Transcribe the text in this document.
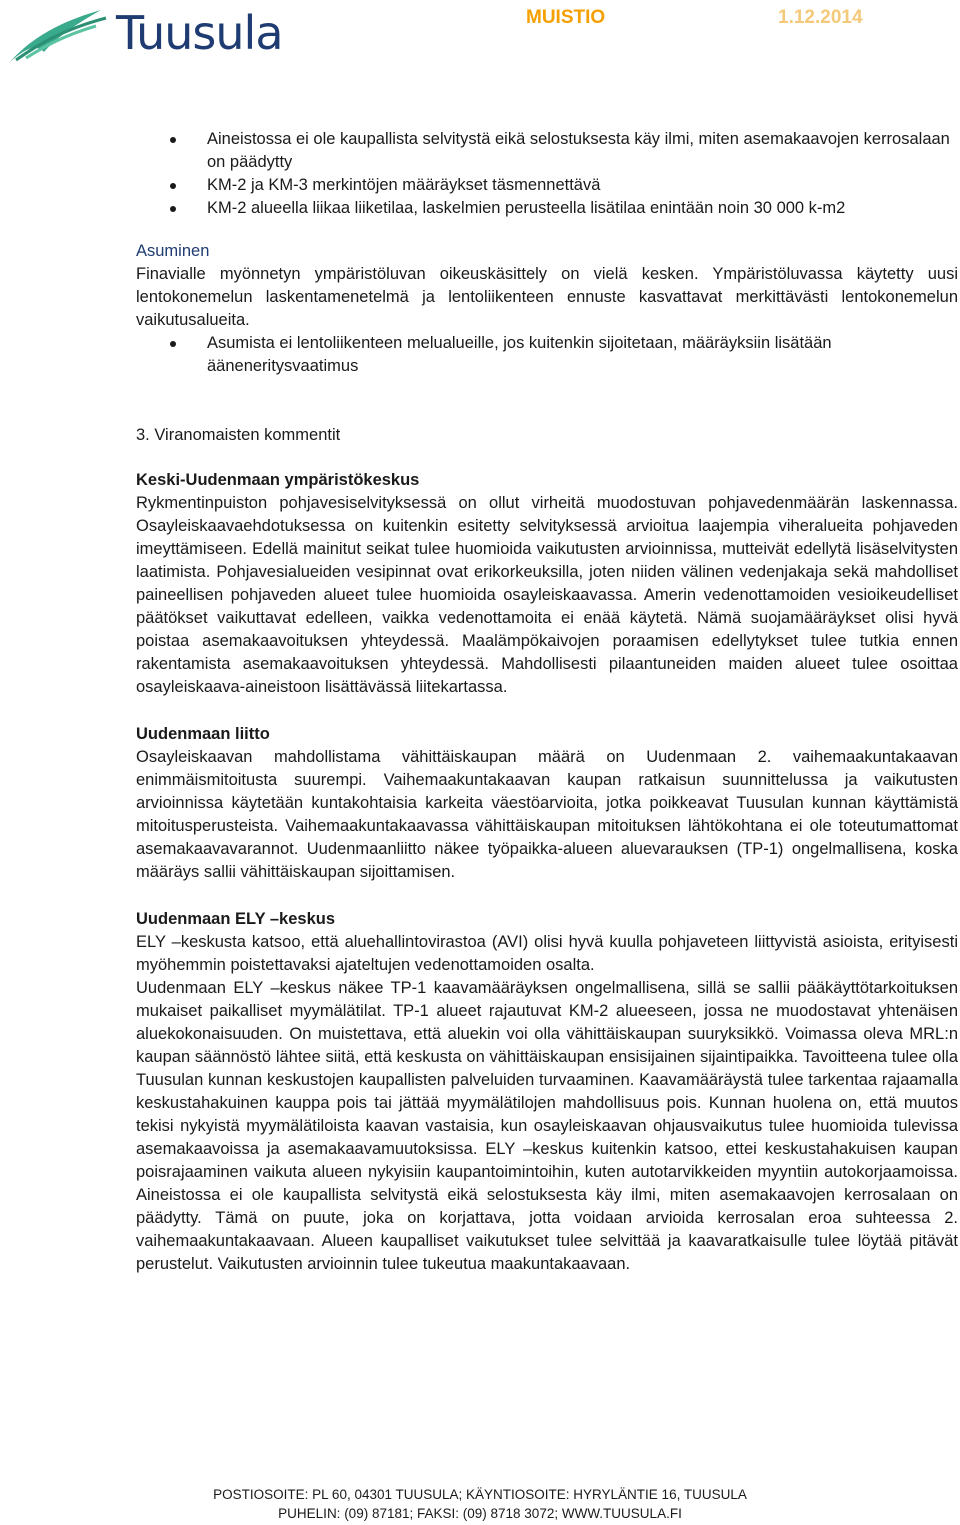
Tuusula	MUISTIO	1.12.2014
Aineistossa ei ole kaupallista selvitystä eikä selostuksesta käy ilmi, miten asemakaavojen kerrosalaan on päädytty
KM-2 ja KM-3 merkintöjen määräykset täsmennettävä
KM-2 alueella liikaa liiketilaa, laskelmien perusteella lisätilaa enintään noin 30 000 k-m2
Asuminen

Finavialle myönnetyn ympäristöluvan oikeuskäsittely on vielä kesken. Ympäristöluvassa käytetty uusi lentokonemelun laskentamenetelmä ja lentoliikenteen ennuste kasvattavat merkittävästi lentokonemelun vaikutusalueita.

Asumista ei lentoliikenteen melualueille, jos kuitenkin sijoitetaan, määräyksiin lisätään ääneneritysvaatimus
3. Viranomaisten kommentit
Keski-Uudenmaan ympäristökeskus

Rykmentinpuiston pohjavesiselvityksessä on ollut virheitä muodostuvan pohjavedenmäärän laskennassa. Osayleiskaavaehdotuksessa on kuitenkin esitetty selvityksessä arvioitua laajempia viheralueita pohjaveden imeyttämiseen. Edellä mainitut seikat tulee huomioida vaikutusten arvioinnissa, mutteivät edellytä lisäselvitysten laatimista. Pohjavesialueiden vesipinnat ovat erikorkeuksilla, joten niiden välinen vedenjakaja sekä mahdolliset paineellisen pohjaveden alueet tulee huomioida osayleiskaavassa. Amerin vedenottamoiden vesioikeudelliset päätökset vaikuttavat edelleen, vaikka vedenottamoita ei enää käytetä. Nämä suojamääräykset olisi hyvä poistaa asemakaavoituksen yhteydessä. Maalämpökaivojen poraamisen edellytykset tulee tutkia ennen rakentamista asemakaavoituksen yhteydessä. Mahdollisesti pilaantuneiden maiden alueet tulee osoittaa osayleiskaava-aineistoon lisättävässä liitekartassa.

Uudenmaan liitto

Osayleiskaavan mahdollistama vähittäiskaupan määrä on Uudenmaan 2. vaihemaakuntakaavan enimmäismitoitusta suurempi. Vaihemaakuntakaavan kaupan ratkaisun suunnittelussa ja vaikutusten arvioinnissa käytetään kuntakohtaisia karkeita väestöarvioita, jotka poikkeavat Tuusulan kunnan käyttämistä mitoitusperusteista. Vaihemaakuntakaavassa vähittäiskaupan mitoituksen lähtökohtana ei ole toteutumattomat asemakaavavarannot. Uudenmaanliitto näkee työpaikka-alueen aluevarauksen (TP-1) ongelmallisena, koska määräys sallii vähittäiskaupan sijoittamisen.

Uudenmaan ELY –keskus

ELY –keskusta katsoo, että aluehallintovirastoa (AVI) olisi hyvä kuulla pohjaveteen liittyvistä asioista, erityisesti myöhemmin poistettavaksi ajateltujen vedenottamoiden osalta.

Uudenmaan ELY –keskus näkee TP-1 kaavamääräyksen ongelmallisena, sillä se sallii pääkäyttötarkoituksen mukaiset paikalliset myymälätilat. TP-1 alueet rajautuvat KM-2 alueeseen, jossa ne muodostavat yhtenäisen aluekokonaisuuden. On muistettava, että aluekin voi olla vähittäiskaupan suuryksikkö. Voimassa oleva MRL:n kaupan säännöstö lähtee siitä, että keskusta on vähittäiskaupan ensisijainen sijaintipaikka. Tavoitteena tulee olla Tuusulan kunnan keskustojen kaupallisten palveluiden turvaaminen. Kaavamääräystä tulee tarkentaa rajaamalla keskustahakuinen kauppa pois tai jättää myymälätilojen mahdollisuus pois. Kunnan huolena on, että muutos tekisi nykyistä myymälätiloista kaavan vastaisia, kun osayleiskaavan ohjausvaikutus tulee huomioida tulevissa asemakaavoissa ja asemakaavamuutoksissa. ELY –keskus kuitenkin katsoo, ettei keskustahakuisen kaupan poisrajaaminen vaikuta alueen nykyisiin kaupantoimintoihin, kuten autotarvikkeiden myyntiin autokorjaamoissa. Aineistossa ei ole kaupallista selvitystä eikä selostuksesta käy ilmi, miten asemakaavojen kerrosalaan on päädytty. Tämä on puute, joka on korjattava, jotta voidaan arvioida kerrosalan eroa suhteessa 2. vaihemaakuntakaavaan. Alueen kaupalliset vaikutukset tulee selvittää ja kaavaratkaisulle tulee löytää pitävät perustelut. Vaikutusten arvioinnin tulee tukeutua maakuntakaavaan.

POSTIOSOITE: PL 60, 04301 TUUSULA; KÄYNTIOSOITE: HYRYLÄNTIE 16, TUUSULA
PUHELIN: (09) 87181; FAKSI: (09) 8718 3072; WWW.TUUSULA.FI
